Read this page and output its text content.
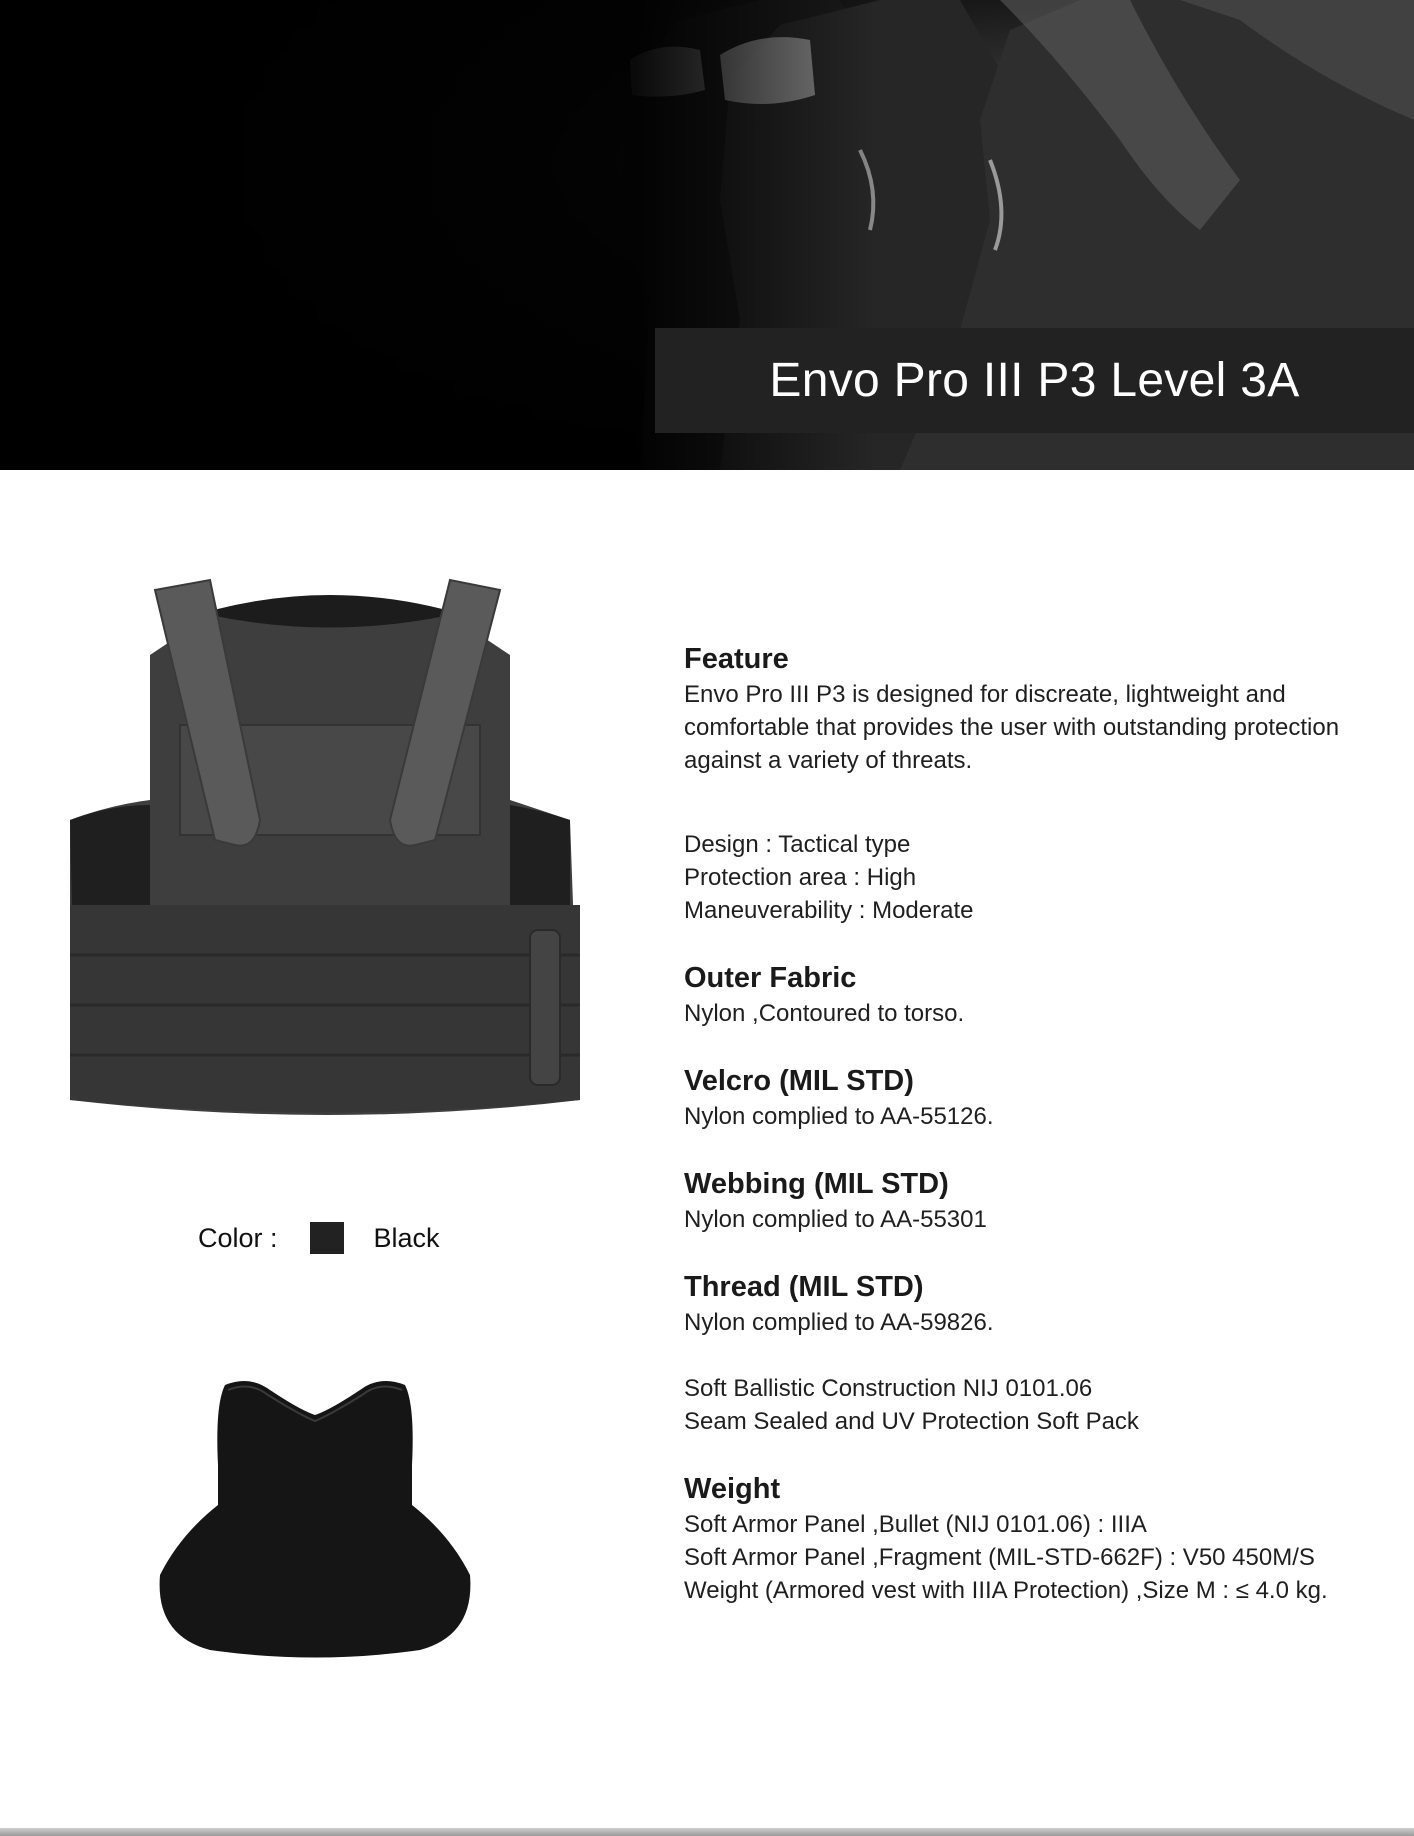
Envo Pro III P3 Level 3A
Color :	Black
Feature

Envo Pro III P3 is designed for discreate, lightweight and

comfortable that provides the user with outstanding protection

against a variety of threats.

Design : Tactical type

Protection area : High

Maneuverability : Moderate

Outer Fabric

Nylon ,Contoured to torso.

Velcro (MIL STD)

Nylon complied to AA-55126.

Webbing (MIL STD)

Nylon complied to AA-55301

Thread (MIL STD)

Nylon complied to AA-59826.

Soft Ballistic Construction NIJ 0101.06

Seam Sealed and UV Protection Soft Pack

Weight

Soft Armor Panel ,Bullet (NIJ 0101.06) : IIIA

Soft Armor Panel ,Fragment (MIL-STD-662F) : V50 450M/S

Weight (Armored vest with IIIA Protection) ,Size M : ≤ 4.0 kg.
